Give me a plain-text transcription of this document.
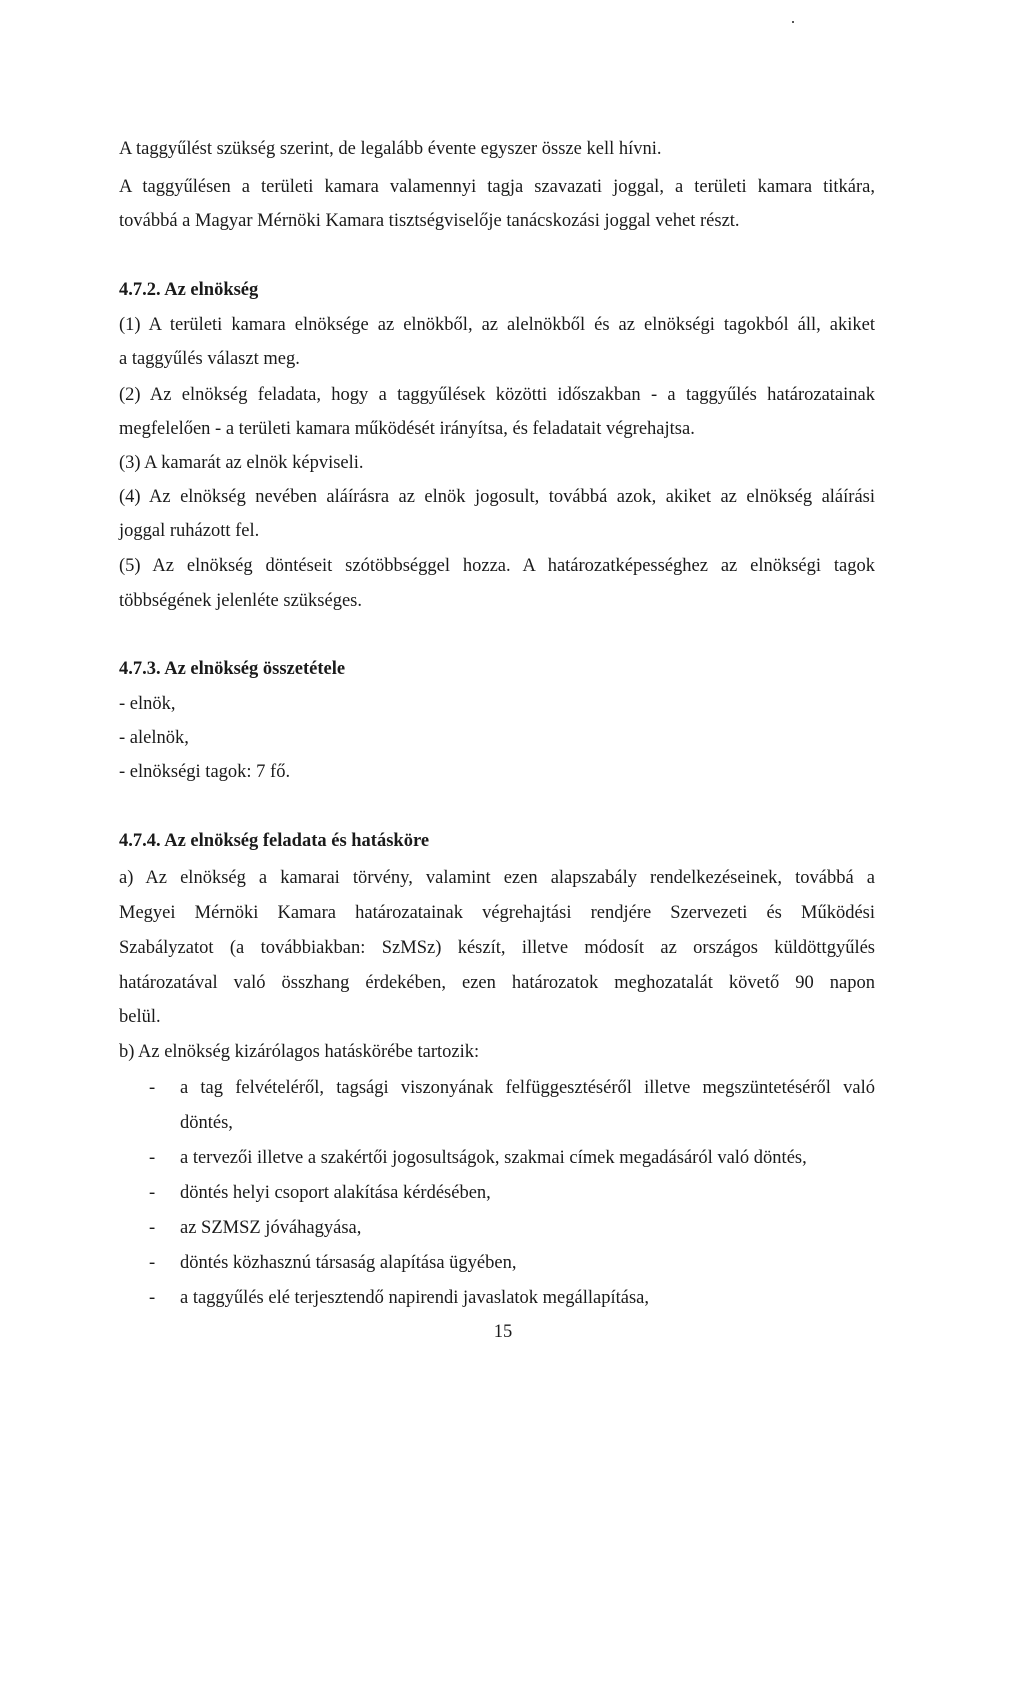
A taggyűlést szükség szerint, de legalább évente egyszer össze kell hívni.
A taggyűlésen a területi kamara valamennyi tagja szavazati joggal, a területi kamara titkára,
továbbá a Magyar Mérnöki Kamara tisztségviselője tanácskozási joggal vehet részt.
4.7.2. Az elnökség
(1) A területi kamara elnöksége az elnökből, az alelnökből és az elnökségi tagokból áll, akiket
a taggyűlés választ meg.
(2) Az elnökség feladata, hogy a taggyűlések közötti időszakban - a taggyűlés határozatainak
megfelelően - a területi kamara működését irányítsa, és feladatait végrehajtsa.
(3) A kamarát az elnök képviseli.
(4) Az elnökség nevében aláírásra az elnök jogosult, továbbá azok, akiket az elnökség aláírási
joggal ruházott fel.
(5) Az elnökség döntéseit szótöbbséggel hozza. A határozatképességhez az elnökségi tagok
többségének jelenléte szükséges.
4.7.3. Az elnökség összetétele
- elnök,
- alelnök,
- elnökségi tagok: 7 fő.
4.7.4. Az elnökség feladata és hatásköre
a) Az elnökség a kamarai törvény, valamint ezen alapszabály rendelkezéseinek, továbbá a
Megyei Mérnöki Kamara határozatainak végrehajtási rendjére Szervezeti és Működési
Szabályzatot (a továbbiakban: SzMSz) készít, illetve módosít az országos küldöttgyűlés
határozatával való összhang érdekében, ezen határozatok meghozatalát követő 90 napon
belül.
b) Az elnökség kizárólagos hatáskörébe tartozik:
- a tag felvételéről, tagsági viszonyának felfüggesztéséről illetve megszüntetéséről való
döntés,
- a tervezői illetve a szakértői jogosultságok, szakmai címek megadásáról való döntés,
- döntés helyi csoport alakítása kérdésében,
- az SZMSZ jóváhagyása,
- döntés közhasznú társaság alapítása ügyében,
- a taggyűlés elé terjesztendő napirendi javaslatok megállapítása,
15
